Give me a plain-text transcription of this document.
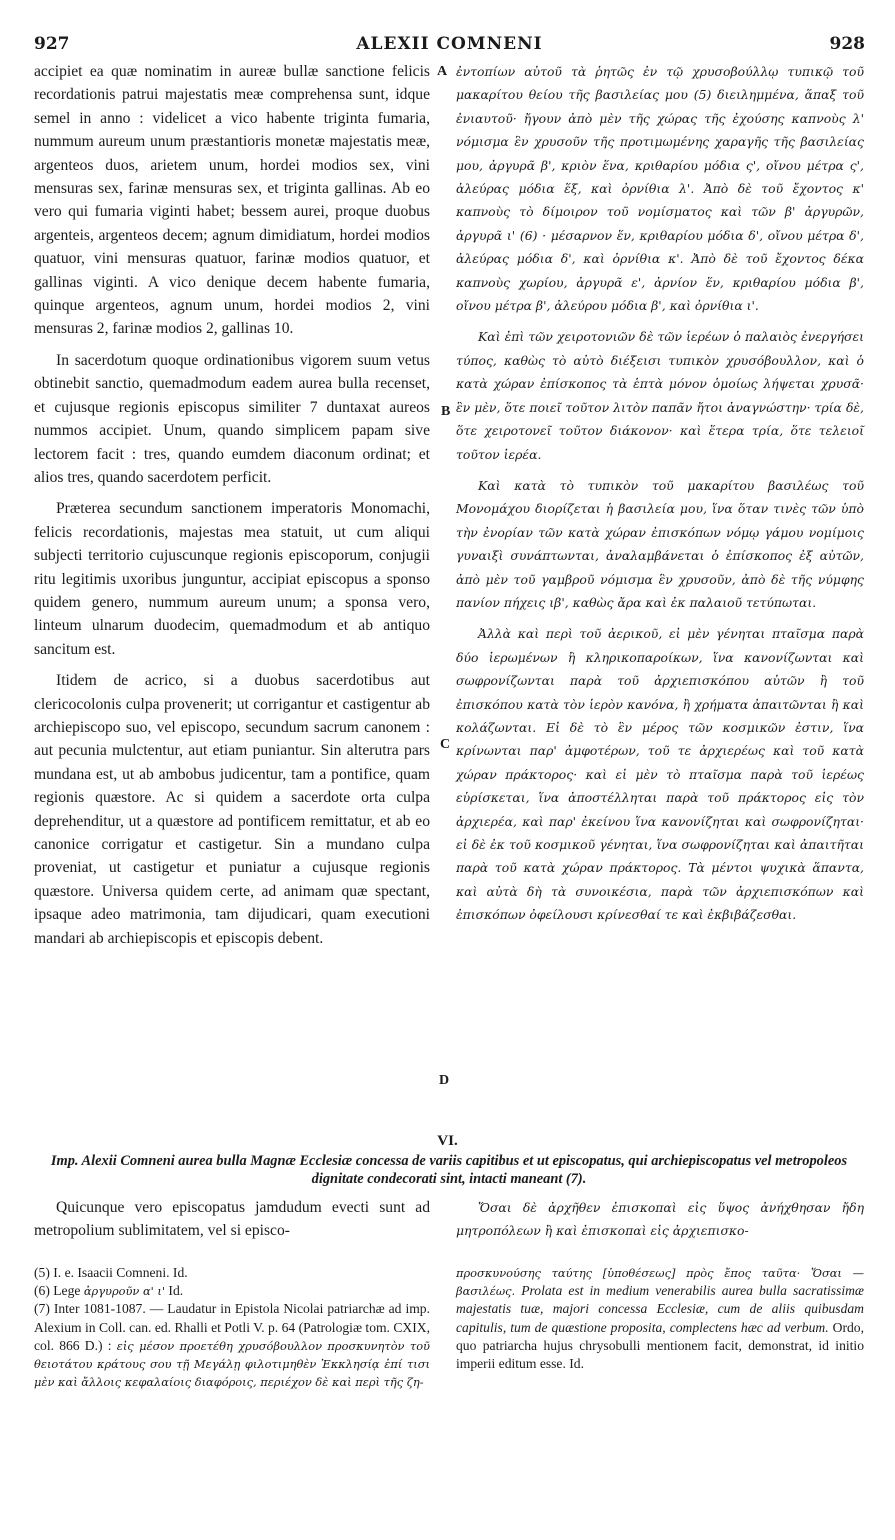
927	ALEXII COMNENI	928

accipiet ea quæ nominatim in aureæ bullæ sanctione felicis recordationis patrui majestatis meæ comprehensa sunt, idque semel in anno : videlicet a vico habente triginta fumaria, nummum aureum unum præstantioris monetæ majestatis meæ, argenteos duos, arietem unum, hordei modios sex, vini mensuras sex, farinæ mensuras sex, et triginta gallinas. Ab eo vero qui fumaria viginti habet; bessem aurei, proque duobus argenteis, argenteos decem; agnum dimidiatum, hordei modios quatuor, vini mensuras quatuor, farinæ modios quatuor, et gallinas viginti. A vico denique decem habente fumaria, quinque argenteos, agnum unum, hordei modios 2, vini mensuras 2, farinæ modios 2, gallinas 10.

In sacerdotum quoque ordinationibus vigorem suum vetus obtinebit sanctio, quemadmodum eadem aurea bulla recenset, et cujusque regionis episcopus similiter 7 duntaxat aureos nummos accipiet. Unum, quando simplicem papam sive lectorem facit : tres, quando eumdem diaconum ordinat; et alios tres, quando sacerdotem perficit.

Præterea secundum sanctionem imperatoris Monomachi, felicis recordationis, majestas mea statuit, ut cum aliqui subjecti territorio cujuscunque regionis episcoporum, conjugii ritu legitimis uxoribus junguntur, accipiat episcopus a sponso quidem genero, nummum aureum unum; a sponsa vero, linteum ulnarum duodecim, quemadmodum et ab antiquo sancitum est.

Itidem de acrico, si a duobus sacerdotibus aut clericocolonis culpa provenerit; ut corrigantur et castigentur ab archiepiscopo suo, vel episcopo, secundum sacrum canonem : aut pecunia mulctentur, aut etiam puniantur. Sin alterutra pars mundana est, ut ab ambobus judicentur, tam a pontifice, quam regionis quæstore. Ac si quidem a sacerdote orta culpa deprehenditur, ut a quæstore ad pontificem remittatur, et ab eo canonice corrigatur et castigetur. Sin a mundano culpa proveniat, ut castigetur et puniatur a cujusque regionis quæstore. Universa quidem certe, ad animam quæ spectant, ipsaque adeo matrimonia, tam dijudicari, quam executioni mandari ab archiepiscopis et episcopis debent.

A
B
C
D

ἐντοπίων αὐτοῦ τὰ ῥητῶς ἐν τῷ χρυσοβούλλῳ τυπικῷ τοῦ μακαρίτου θείου τῆς βασιλείας μου (5) διειλημμένα, ἅπαξ τοῦ ἐνιαυτοῦ· ἤγουν ἀπὸ μὲν τῆς χώρας τῆς ἐχούσης καπνοὺς λ' νόμισμα ἓν χρυσοῦν τῆς προτιμωμένης χαραγῆς τῆς βασιλείας μου, ἀργυρᾶ β', κριὸν ἕνα, κριθαρίου μόδια ς', οἴνου μέτρα ς', ἀλεύρας μόδια ἕξ, καὶ ὀρνίθια λ'. Ἀπὸ δὲ τοῦ ἔχοντος κ' καπνοὺς τὸ δίμοιρον τοῦ νομίσματος καὶ τῶν β' ἀργυρῶν, ἀργυρᾶ ι' (6) · μέσαρνον ἕν, κριθαρίου μόδια δ', οἴνου μέτρα δ', ἀλεύρας μόδια δ', καὶ ὀρνίθια κ'. Ἀπὸ δὲ τοῦ ἔχοντος δέκα καπνοὺς χωρίου, ἀργυρᾶ ε', ἀρνίον ἕν, κριθαρίου μόδια β', οἴνου μέτρα β', ἀλεύρου μόδια β', καὶ ὀρνίθια ι'.

Καὶ ἐπὶ τῶν χειροτονιῶν δὲ τῶν ἱερέων ὁ παλαιὸς ἐνεργήσει τύπος, καθὼς τὸ αὐτὸ διέξεισι τυπικὸν χρυσόβουλλον, καὶ ὁ κατὰ χώραν ἐπίσκοπος τὰ ἑπτὰ μόνον ὁμοίως λήψεται χρυσᾶ· ἓν μὲν, ὅτε ποιεῖ τοῦτον λιτὸν παπᾶν ἤτοι ἀναγνώστην· τρία δὲ, ὅτε χειροτονεῖ τοῦτον διάκονον· καὶ ἕτερα τρία, ὅτε τελειοῖ τοῦτον ἱερέα.

Καὶ κατὰ τὸ τυπικὸν τοῦ μακαρίτου βασιλέως τοῦ Μονομάχου διορίζεται ἡ βασιλεία μου, ἵνα ὅταν τινὲς τῶν ὑπὸ τὴν ἐνορίαν τῶν κατὰ χώραν ἐπισκόπων νόμῳ γάμου νομίμοις γυναιξὶ συνάπτωνται, ἀναλαμβάνεται ὁ ἐπίσκοπος ἐξ αὐτῶν, ἀπὸ μὲν τοῦ γαμβροῦ νόμισμα ἓν χρυσοῦν, ἀπὸ δὲ τῆς νύμφης πανίον πήχεις ιβ', καθὼς ἄρα καὶ ἐκ παλαιοῦ τετύπωται.

Ἀλλὰ καὶ περὶ τοῦ ἀερικοῦ, εἰ μὲν γένηται πταῖσμα παρὰ δύο ἱερωμένων ἢ κληρικοπαροίκων, ἵνα κανονίζωνται καὶ σωφρονίζωνται παρὰ τοῦ ἀρχιεπισκόπου αὐτῶν ἢ τοῦ ἐπισκόπου κατὰ τὸν ἱερὸν κανόνα, ἢ χρήματα ἀπαιτῶνται ἢ καὶ κολάζωνται. Εἰ δὲ τὸ ἓν μέρος τῶν κοσμικῶν ἐστιν, ἵνα κρίνωνται παρ' ἀμφοτέρων, τοῦ τε ἀρχιερέως καὶ τοῦ κατὰ χώραν πράκτορος· καὶ εἰ μὲν τὸ πταῖσμα παρὰ τοῦ ἱερέως εὑρίσκεται, ἵνα ἀποστέλληται παρὰ τοῦ πράκτορος εἰς τὸν ἀρχιερέα, καὶ παρ' ἐκείνου ἵνα κανονίζηται καὶ σωφρονίζηται· εἰ δὲ ἐκ τοῦ κοσμικοῦ γένηται, ἵνα σωφρονίζηται καὶ ἀπαιτῆται παρὰ τοῦ κατὰ χώραν πράκτορος. Τὰ μέντοι ψυχικὰ ἅπαντα, καὶ αὐτὰ δὴ τὰ συνοικέσια, παρὰ τῶν ἀρχιεπισκόπων καὶ ἐπισκόπων ὀφείλουσι κρίνεσθαί τε καὶ ἐκβιβάζεσθαι.

VI.
Imp. Alexii Comneni aurea bulla Magnæ Ecclesiæ concessa de variis capitibus et ut episcopatus, qui archiepiscopatus vel metropoleos dignitate condecorati sint, intacti maneant (7).

Quicunque vero episcopatus jamdudum evecti sunt ad metropolium sublimitatem, vel si episco-

(5) I. e. Isaacii Comneni. Id.

(6) Lege ἀργυροῦν α' ι' Id.

(7) Inter 1081-1087. — Laudatur in Epistola Nicolai patriarchæ ad imp. Alexium in Coll. can. ed. Rhalli et Potli V. p. 64 (Patrologiæ tom. CXIX, col. 866 D.) : εἰς μέσον προετέθη χρυσόβουλλον προσκυνητὸν τοῦ θειοτάτου κράτους σου τῇ Μεγάλῃ φιλοτιμηθὲν Ἐκκλησίᾳ ἐπί τισι μὲν καὶ ἄλλοις κεφαλαίοις διαφόροις, περιέχον δὲ καὶ περὶ τῆς ζη-

Ὅσαι δὲ ἀρχῆθεν ἐπισκοπαὶ εἰς ὕψος ἀνήχθησαν ἤδη μητροπόλεων ἢ καὶ ἐπισκοπαὶ εἰς ἀρχιεπισκο-

προσκυνούσης ταύτης [ὑποθέσεως] πρὸς ἔπος ταῦτα· Ὅσαι — βασιλέως. Prolata est in medium venerabilis aurea bulla sacratissimæ majestatis tuæ, majori concessa Ecclesiæ, cum de aliis quibusdam capitulis, tum de quæstione proposita, complectens hæc ad verbum. Ordo, quo patriarcha hujus chrysobulli mentionem facit, demonstrat, id initio imperii editum esse. Id.
